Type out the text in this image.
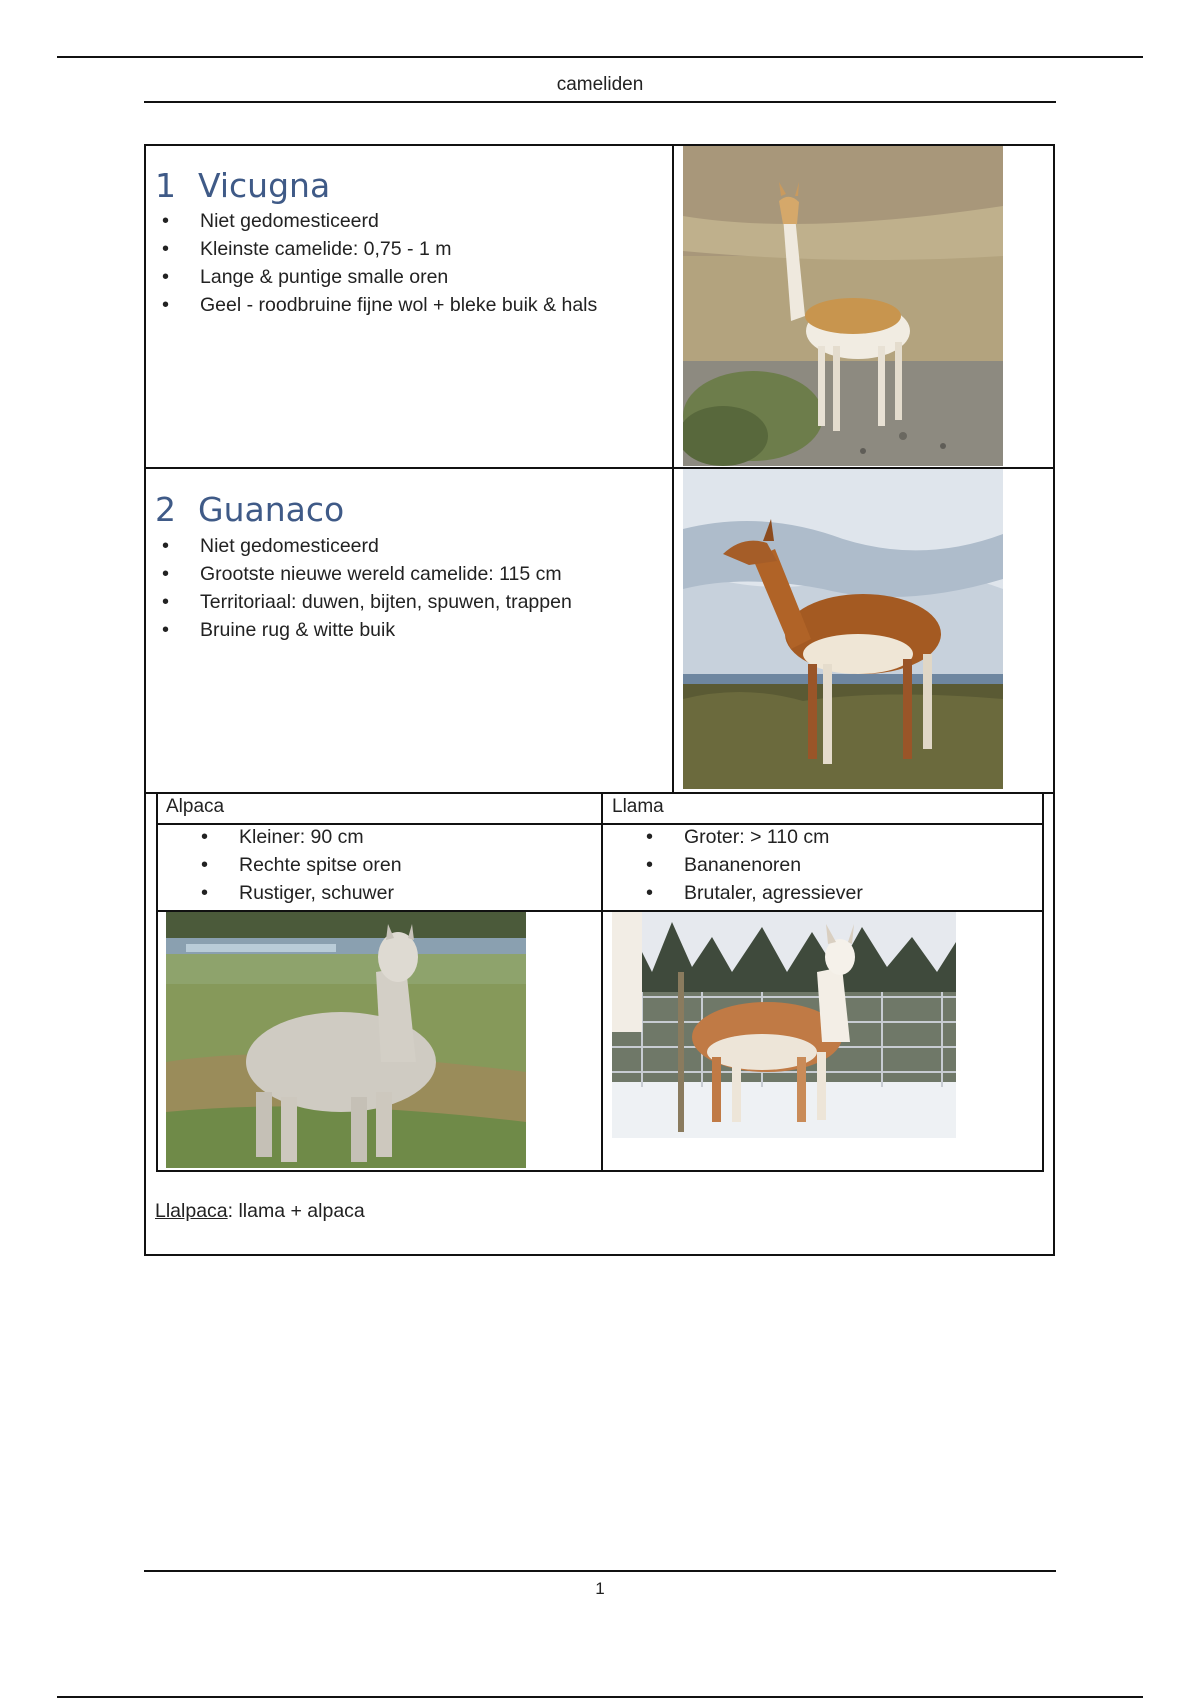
cameliden
1 Vicugna
• Niet gedomesticeerd
• Kleinste camelide: 0,75 - 1 m
• Lange & puntige smalle oren
• Geel - roodbruine fijne wol + bleke buik & hals
2 Guanaco
• Niet gedomesticeerd
• Grootste nieuwe wereld camelide: 115 cm
• Territoriaal: duwen, bijten, spuwen, trappen
• Bruine rug & witte buik
Alpaca	Llama
• Kleiner: 90 cm
• Rechte spitse oren
• Rustiger, schuwer
• Groter: > 110 cm
• Bananenoren
• Brutaler, agressiever
Llalpaca: llama + alpaca
1
